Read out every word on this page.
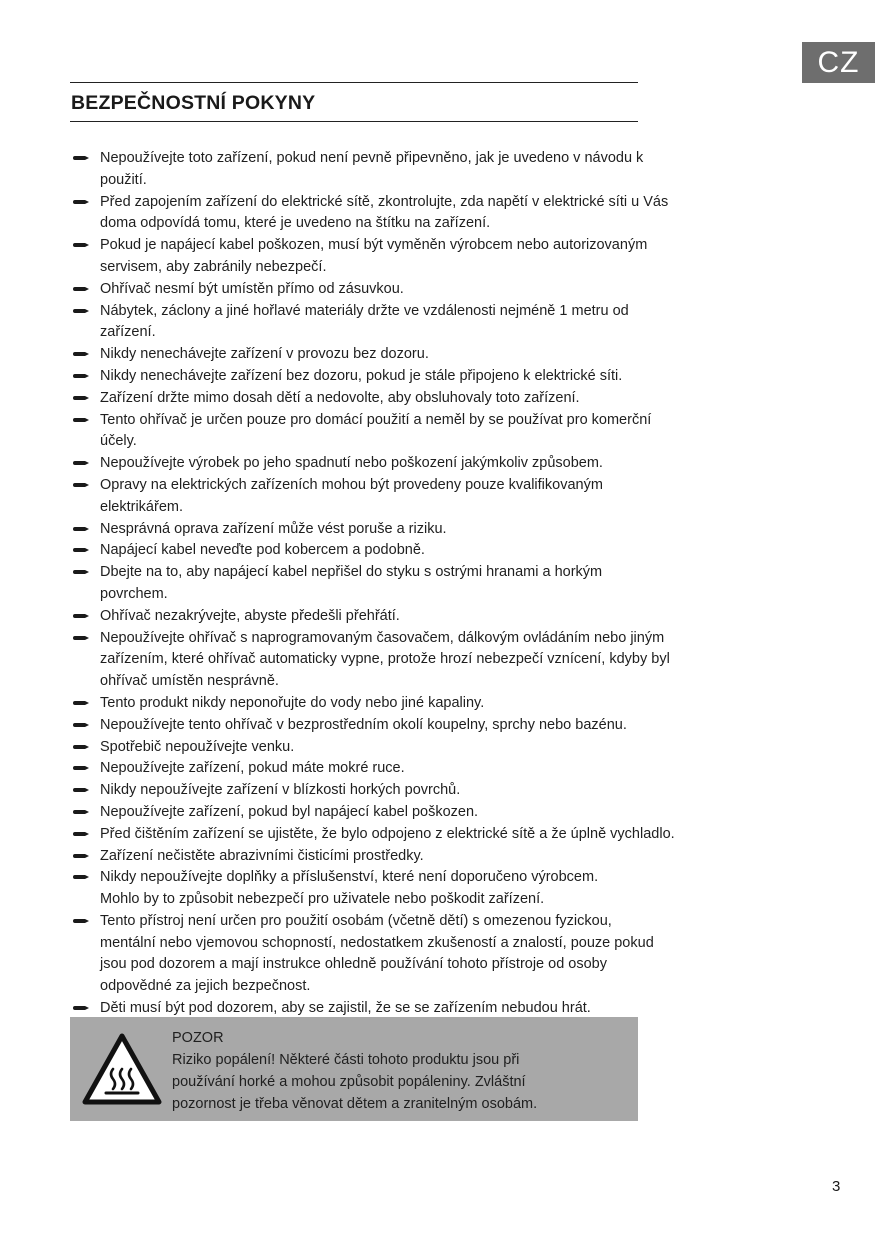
CZ
BEZPEČNOSTNÍ POKYNY
Nepoužívejte toto zařízení, pokud není pevně připevněno, jak je uvedeno v návodu k
použití.
Před zapojením zařízení do elektrické sítě, zkontrolujte, zda napětí v elektrické síti u Vás
doma odpovídá tomu, které je uvedeno na štítku na zařízení.
Pokud je napájecí kabel poškozen, musí být vyměněn výrobcem nebo autorizovaným
servisem, aby zabránily nebezpečí.
Ohřívač nesmí být umístěn přímo od zásuvkou.
Nábytek, záclony a jiné hořlavé materiály držte ve vzdálenosti nejméně 1 metru od
zařízení.
Nikdy nenechávejte zařízení v provozu bez dozoru.
Nikdy nenechávejte zařízení bez dozoru, pokud je stále připojeno k elektrické síti.
Zařízení držte mimo dosah dětí a nedovolte, aby obsluhovaly toto zařízení.
Tento ohřívač je určen pouze pro domácí použití a neměl by se používat pro komerční
účely.
Nepoužívejte výrobek po jeho spadnutí nebo poškození jakýmkoliv způsobem.
Opravy na elektrických zařízeních mohou být provedeny pouze kvalifikovaným
elektrikářem.
Nesprávná oprava zařízení může vést poruše a riziku.
Napájecí kabel neveďte pod kobercem a podobně.
Dbejte na to, aby napájecí kabel nepřišel do styku s ostrými hranami a horkým
povrchem.
Ohřívač nezakrývejte, abyste předešli přehřátí.
Nepoužívejte ohřívač s naprogramovaným časovačem, dálkovým ovládáním nebo jiným
zařízením, které ohřívač automaticky vypne, protože hrozí nebezpečí vznícení, kdyby byl
ohřívač umístěn nesprávně.
Tento produkt nikdy neponořujte do vody nebo jiné kapaliny.
Nepoužívejte tento ohřívač v bezprostředním okolí koupelny, sprchy nebo bazénu.
Spotřebič nepoužívejte venku.
Nepoužívejte zařízení, pokud máte mokré ruce.
Nikdy nepoužívejte zařízení v blízkosti horkých povrchů.
Nepoužívejte zařízení, pokud byl napájecí kabel poškozen.
Před čištěním zařízení se ujistěte, že bylo odpojeno z elektrické sítě a že úplně vychladlo.
Zařízení nečistěte abrazivními čisticími prostředky.
Nikdy nepoužívejte doplňky a příslušenství, které není doporučeno výrobcem.
Mohlo by to způsobit nebezpečí pro uživatele nebo poškodit zařízení.
Tento přístroj není určen pro použití osobám (včetně dětí) s omezenou fyzickou,
mentální nebo vjemovou schopností, nedostatkem zkušeností a znalostí, pouze pokud
jsou pod dozorem a mají instrukce ohledně používání tohoto přístroje od osoby
odpovědné za jejich bezpečnost.
Děti musí být pod dozorem, aby se zajistil, že se se zařízením nebudou hrát.
POZOR
Riziko popálení! Některé části tohoto produktu jsou při
používání horké a mohou způsobit popáleniny. Zvláštní
pozornost je třeba věnovat dětem a zranitelným osobám.
3
